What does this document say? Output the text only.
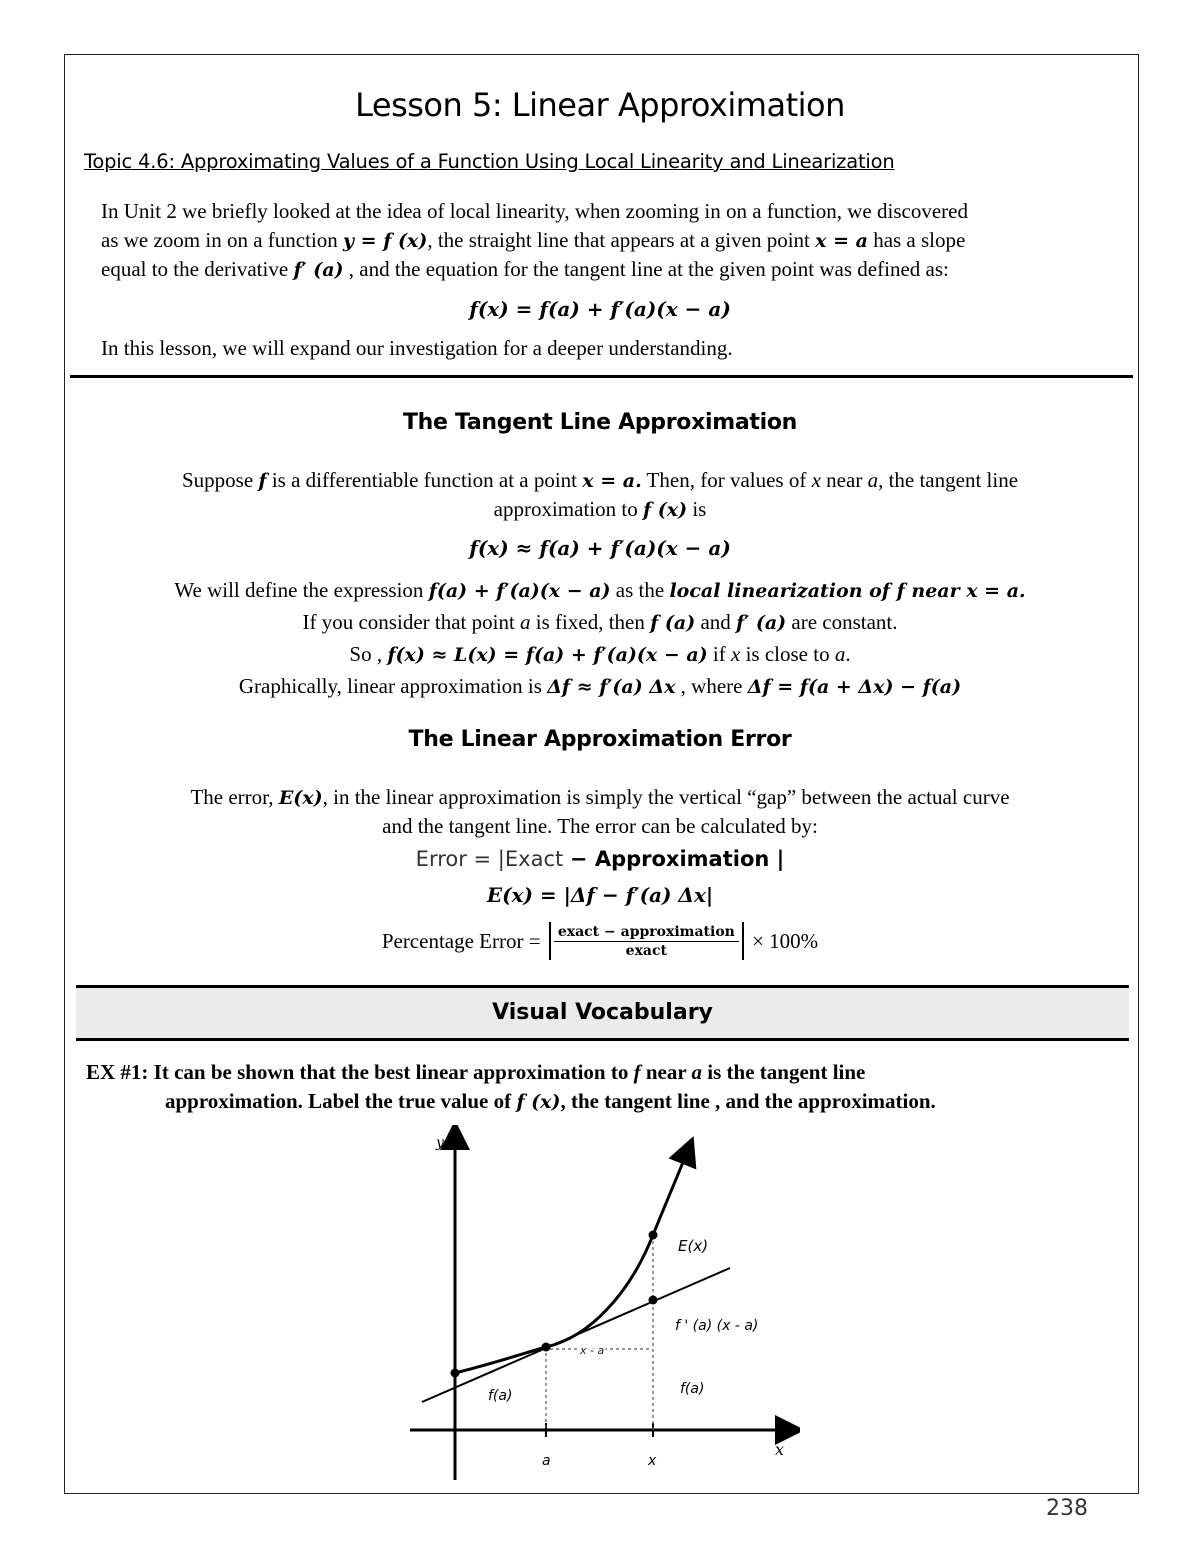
Lesson 5: Linear Approximation
Topic 4.6: Approximating Values of a Function Using Local Linearity and Linearization
In Unit 2 we briefly looked at the idea of local linearity, when zooming in on a function, we discovered
as we zoom in on a function y = f (x), the straight line that appears at a given point x = a has a slope
equal to the derivative f′ (a) , and the equation for the tangent line at the given point was defined as:
f(x) = f(a) + f′(a)(x − a)
In this lesson, we will expand our investigation for a deeper understanding.
The Tangent Line Approximation
Suppose f is a differentiable function at a point x = a. Then, for values of x near a, the tangent line
approximation to f (x) is
f(x) ≈ f(a) + f′(a)(x − a)
We will define the expression f(a) + f′(a)(x − a) as the local linearization of f near x = a.
If you consider that point a is fixed, then f (a) and f′ (a) are constant.
So , f(x) ≈ L(x) = f(a) + f′(a)(x − a) if x is close to a.
Graphically, linear approximation is Δf ≈ f′(a) Δx , where Δf = f(a + Δx) − f(a)
The Linear Approximation Error
The error, E(x), in the linear approximation is simply the vertical “gap” between the actual curve
and the tangent line. The error can be calculated by:
Error = |Exact − Approximation |
E(x) = |Δf − f′(a) Δx|
Percentage Error = $\frac{\text{exact − approximation}}{\text{exact}} \times 100\%$
Visual Vocabulary
EX #1: It can be shown that the best linear approximation to f near a is the tangent line
approximation. Label the true value of f (x), the tangent line , and the approximation.
y
x
a	x
x - a
E(x)
f ' (a) (x - a)
f(a)	f(a)
238
